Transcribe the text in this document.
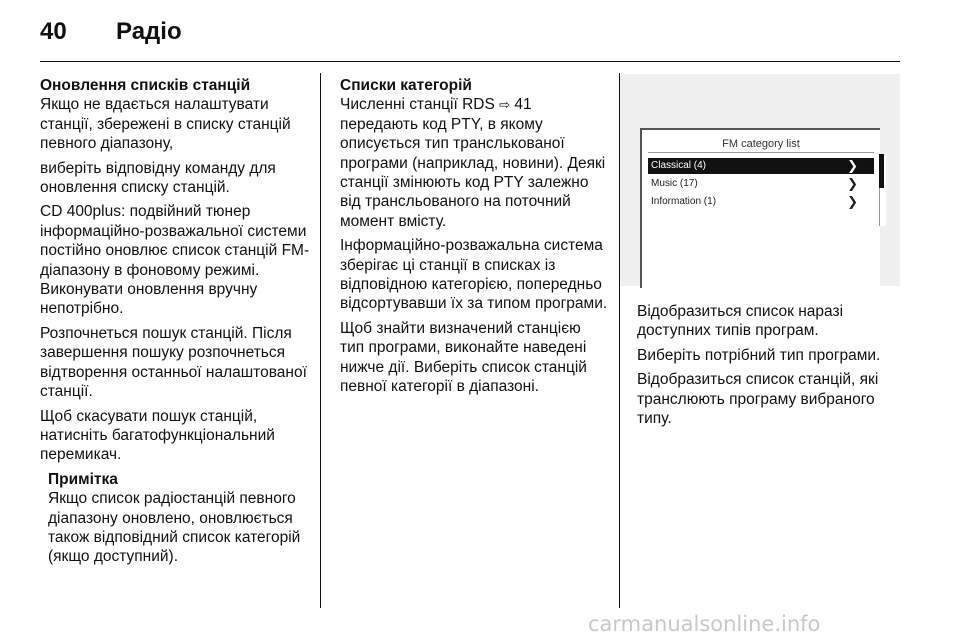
40 Радіо
Оновлення списків станцій

Якщо не вдається налаштувати станції, збережені в списку станцій певного діапазону,

виберіть відповідну команду для оновлення списку станцій.

CD 400plus: подвійний тюнер інформаційно-розважальної системи постійно оновлює список станцій FM-діапазону в фоновому режимі. Виконувати оновлення вручну непотрібно.

Розпочнеться пошук станцій. Після завершення пошуку розпочнеться відтворення останньої налаштованої станції.

Щоб скасувати пошук станцій, натисніть багатофункціональний перемикач.

Примітка

Якщо список радіостанцій певного діапазону оновлено, оновлюється також відповідний список категорій (якщо доступний).

Списки категорій

Численні станції RDS ⇨ 41 передають код PTY, в якому описується тип транслькованої програми (наприклад, новини). Деякі станції змінюють код PTY залежно від трансльованого на поточний момент вмісту.

Інформаційно-розважальна система зберігає ці станції в списках із відповідною категорією, попередньо відсортувавши їх за типом програми.

Щоб знайти визначений станцією тип програми, виконайте наведені нижче дії. Виберіть список станцій певної категорії в діапазоні.

FM category list
Classical (4)	❯
Music (17)	❯
Information (1)	❯

Відобразиться список наразі доступних типів програм.

Виберіть потрібний тип програми.

Відобразиться список станцій, які транслюють програму вибраного типу.

carmanualsonline.info
